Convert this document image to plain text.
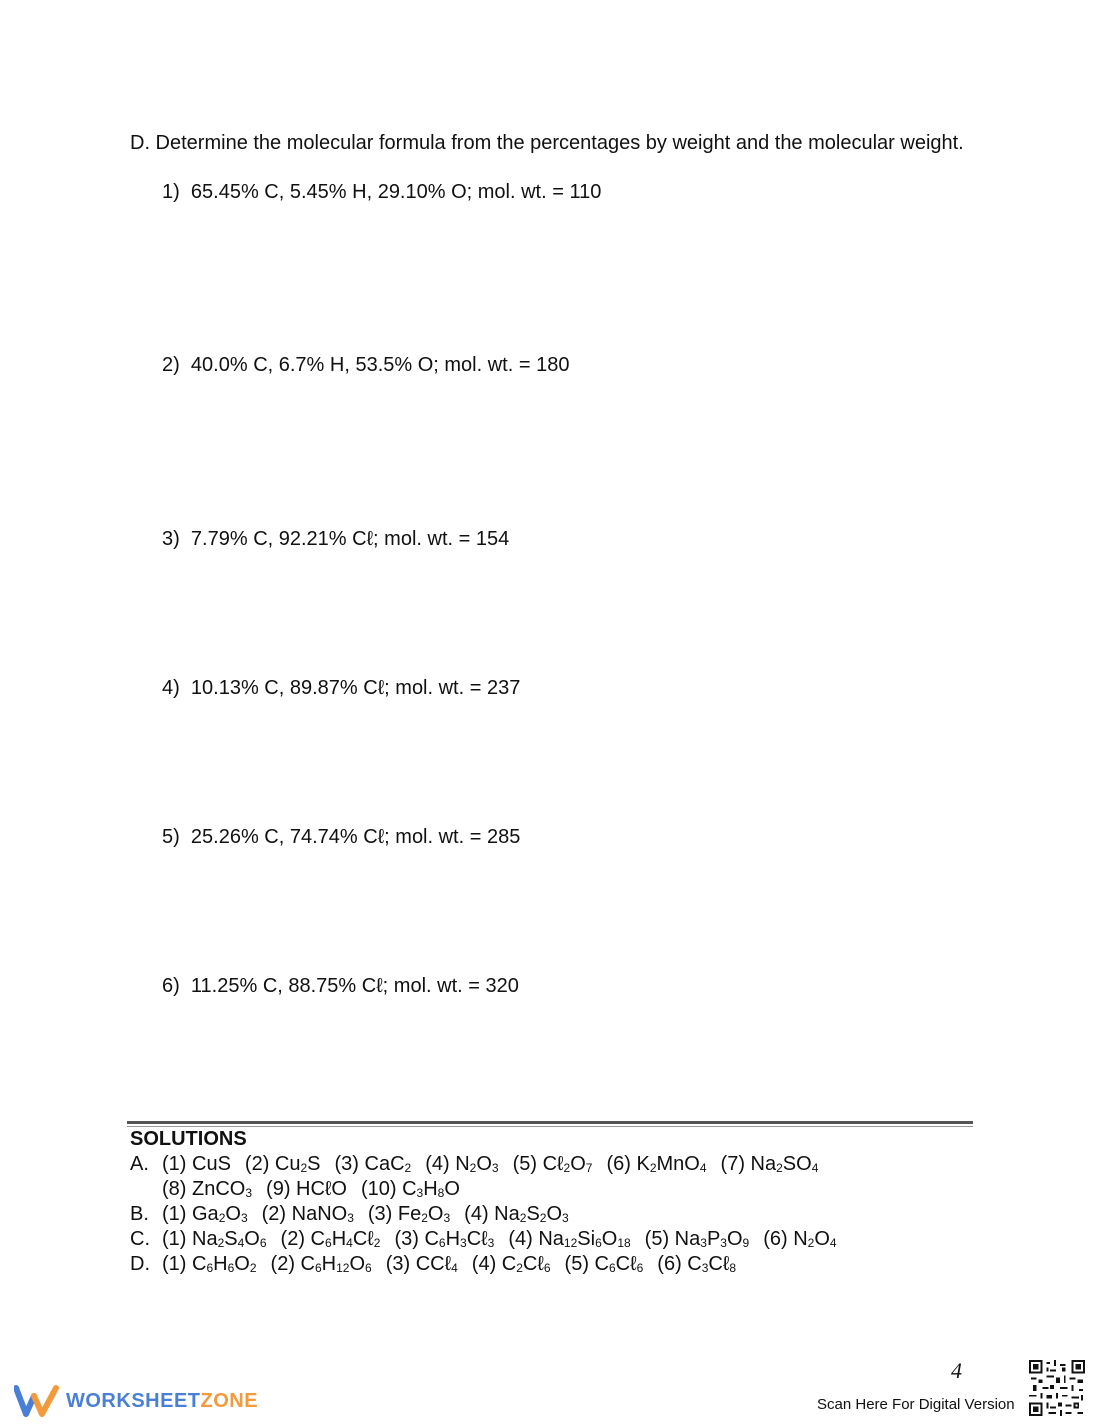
D. Determine the molecular formula from the percentages by weight and the molecular weight.
1) 65.45% C, 5.45% H, 29.10% O; mol. wt. = 110
2) 40.0% C, 6.7% H, 53.5% O; mol. wt. = 180
3) 7.79% C, 92.21% Cℓ; mol. wt. = 154
4) 10.13% C, 89.87% Cℓ; mol. wt. = 237
5) 25.26% C, 74.74% Cℓ; mol. wt. = 285
6) 11.25% C, 88.75% Cℓ; mol. wt. = 320
SOLUTIONS
A. (1) CuS (2) $Cu_2S$ (3) CaC$_2$ (4) $N_2O_3$ (5) $C\ell_2O_7$ (6) $K_2MnO_4$ (7) $Na_2SO_4$
(8) ZnCO$_3$ (9) HCℓO (10) $C_3H_8O$
B. (1) $Ga_2O_3$ (2) NaNO$_3$ (3) $Fe_2O_3$ (4) $Na_2S_2O_3$
C. (1) $Na_2S_4O_6$ (2) $C_6H_4C\ell_2$ (3) $C_6H_3C\ell_3$ (4) $Na_{12}Si_6O_{18}$ (5) $Na_3P_3O_9$ (6) $N_2O_4$
D. (1) $C_6H_6O_2$ (2) $C_6H_{12}O_6$ (3) CCℓ$_4$ (4) $C_2C\ell_6$ (5) $C_6C\ell_6$ (6) $C_3C\ell_8$
WORKSHEETZONE
4
Scan Here For Digital Version
